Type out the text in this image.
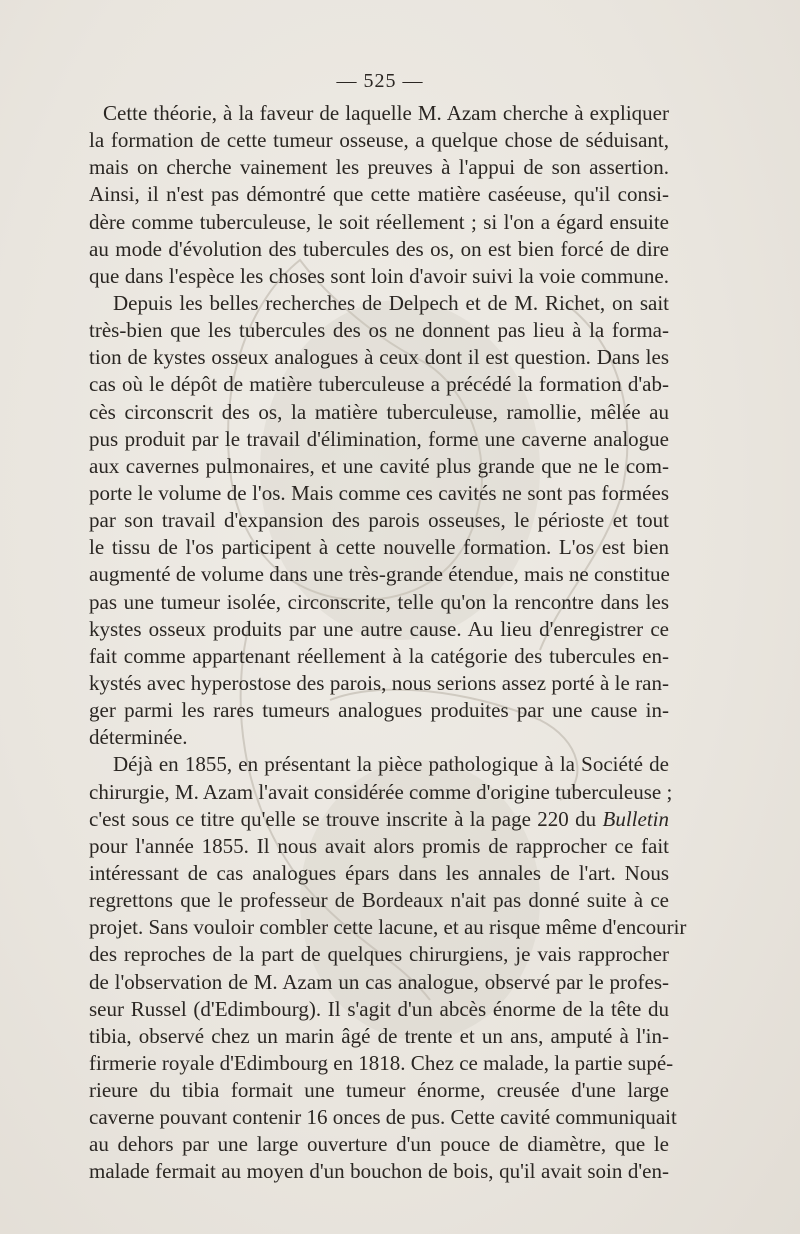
— 525 —
Cette théorie, à la faveur de laquelle M. Azam cherche à expliquer
la formation de cette tumeur osseuse, a quelque chose de séduisant,
mais on cherche vainement les preuves à l'appui de son assertion.
Ainsi, il n'est pas démontré que cette matière caséeuse, qu'il consi-
dère comme tuberculeuse, le soit réellement ; si l'on a égard ensuite
au mode d'évolution des tubercules des os, on est bien forcé de dire
que dans l'espèce les choses sont loin d'avoir suivi la voie commune.
Depuis les belles recherches de Delpech et de M. Richet, on sait
très-bien que les tubercules des os ne donnent pas lieu à la forma-
tion de kystes osseux analogues à ceux dont il est question. Dans les
cas où le dépôt de matière tuberculeuse a précédé la formation d'ab-
cès circonscrit des os, la matière tuberculeuse, ramollie, mêlée au
pus produit par le travail d'élimination, forme une caverne analogue
aux cavernes pulmonaires, et une cavité plus grande que ne le com-
porte le volume de l'os. Mais comme ces cavités ne sont pas formées
par son travail d'expansion des parois osseuses, le périoste et tout
le tissu de l'os participent à cette nouvelle formation. L'os est bien
augmenté de volume dans une très-grande étendue, mais ne constitue
pas une tumeur isolée, circonscrite, telle qu'on la rencontre dans les
kystes osseux produits par une autre cause. Au lieu d'enregistrer ce
fait comme appartenant réellement à la catégorie des tubercules en-
kystés avec hyperostose des parois, nous serions assez porté à le ran-
ger parmi les rares tumeurs analogues produites par une cause in-
déterminée.
Déjà en 1855, en présentant la pièce pathologique à la Société de
chirurgie, M. Azam l'avait considérée comme d'origine tuberculeuse ;
c'est sous ce titre qu'elle se trouve inscrite à la page 220 du Bulletin
pour l'année 1855. Il nous avait alors promis de rapprocher ce fait
intéressant de cas analogues épars dans les annales de l'art. Nous
regrettons que le professeur de Bordeaux n'ait pas donné suite à ce
projet. Sans vouloir combler cette lacune, et au risque même d'encourir
des reproches de la part de quelques chirurgiens, je vais rapprocher
de l'observation de M. Azam un cas analogue, observé par le profes-
seur Russel (d'Edimbourg). Il s'agit d'un abcès énorme de la tête du
tibia, observé chez un marin âgé de trente et un ans, amputé à l'in-
firmerie royale d'Edimbourg en 1818. Chez ce malade, la partie supé-
rieure du tibia formait une tumeur énorme, creusée d'une large
caverne pouvant contenir 16 onces de pus. Cette cavité communiquait
au dehors par une large ouverture d'un pouce de diamètre, que le
malade fermait au moyen d'un bouchon de bois, qu'il avait soin d'en-
